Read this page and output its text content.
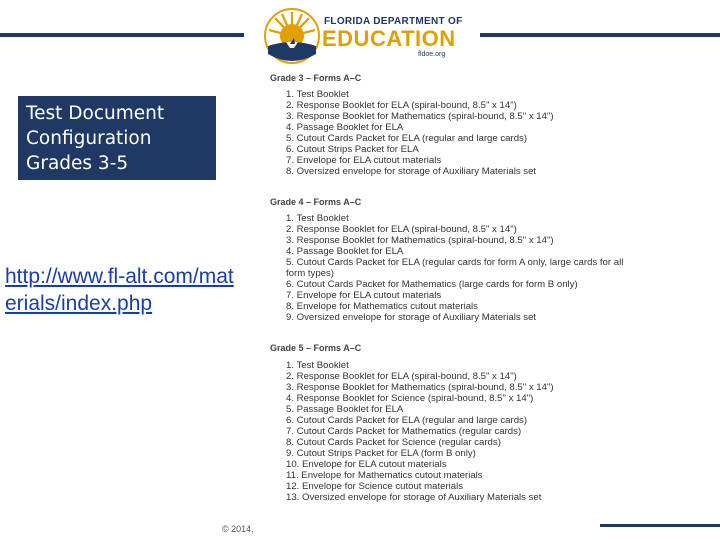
FLORIDA DEPARTMENT OF
EDUCATION
fldoe.org
Test Document
Configuration
Grades 3-5
http://www.fl-alt.com/materials/index.php
Grade 3 – Forms A–C
1. Test Booklet
2. Response Booklet for ELA (spiral-bound, 8.5" x 14")
3. Response Booklet for Mathematics (spiral-bound, 8.5" x 14")
4. Passage Booklet for ELA
5. Cutout Cards Packet for ELA (regular and large cards)
6. Cutout Strips Packet for ELA
7. Envelope for ELA cutout materials
8. Oversized envelope for storage of Auxiliary Materials set
Grade 4 – Forms A–C
1. Test Booklet
2. Response Booklet for ELA (spiral-bound, 8.5" x 14")
3. Response Booklet for Mathematics (spiral-bound, 8.5" x 14")
4. Passage Booklet for ELA
5. Cutout Cards Packet for ELA (regular cards for form A only, large cards for all
form types)
6. Cutout Cards Packet for Mathematics (large cards for form B only)
7. Envelope for ELA cutout materials
8. Envelope for Mathematics cutout materials
9. Oversized envelope for storage of Auxiliary Materials set
Grade 5 – Forms A–C
1. Test Booklet
2. Response Booklet for ELA (spiral-bound, 8.5" x 14")
3. Response Booklet for Mathematics (spiral-bound, 8.5" x 14")
4. Response Booklet for Science (spiral-bound, 8.5" x 14")
5. Passage Booklet for ELA
6. Cutout Cards Packet for ELA (regular and large cards)
7. Cutout Cards Packet for Mathematics (regular cards)
8. Cutout Cards Packet for Science (regular cards)
9. Cutout Strips Packet for ELA (form B only)
10. Envelope for ELA cutout materials
11. Envelope for Mathematics cutout materials
12. Envelope for Science cutout materials
13. Oversized envelope for storage of Auxiliary Materials set
© 2014,
